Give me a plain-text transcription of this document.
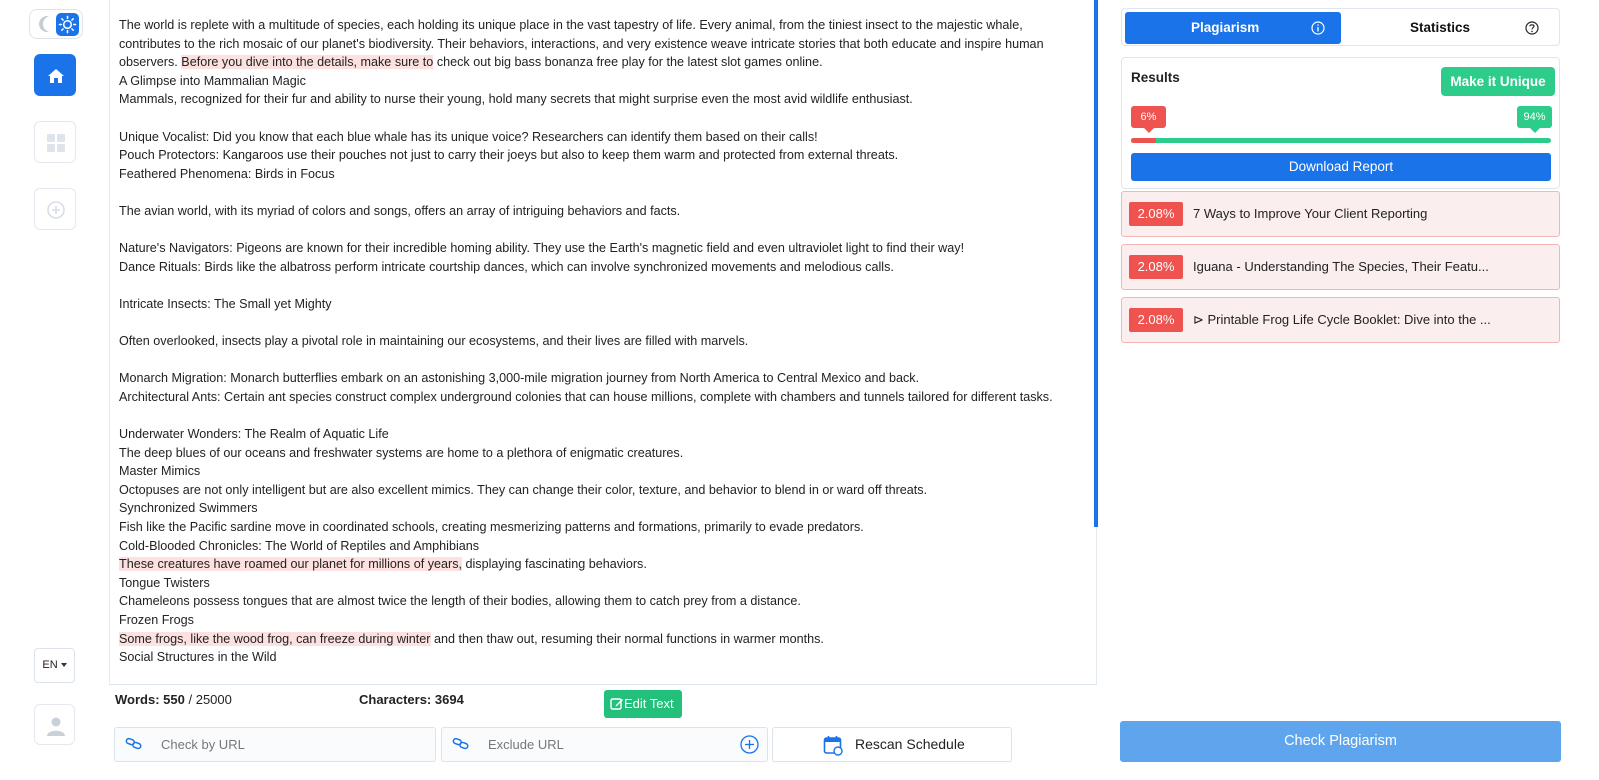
EN

The world is replete with a multitude of species, each holding its unique place in the vast tapestry of life. Every animal, from the tiniest insect to the majestic whale, contributes to the rich mosaic of our planet's biodiversity. Their behaviors, interactions, and very existence weave intricate stories that both educate and inspire human observers. Before you dive into the details, make sure to check out big bass bonanza free play for the latest slot games online.

A Glimpse into Mammalian Magic

Mammals, recognized for their fur and ability to nurse their young, hold many secrets that might surprise even the most avid wildlife enthusiast.

Unique Vocalist: Did you know that each blue whale has its unique voice? Researchers can identify them based on their calls!

Pouch Protectors: Kangaroos use their pouches not just to carry their joeys but also to keep them warm and protected from external threats.

Feathered Phenomena: Birds in Focus

The avian world, with its myriad of colors and songs, offers an array of intriguing behaviors and facts.

Nature's Navigators: Pigeons are known for their incredible homing ability. They use the Earth's magnetic field and even ultraviolet light to find their way!

Dance Rituals: Birds like the albatross perform intricate courtship dances, which can involve synchronized movements and melodious calls.

Intricate Insects: The Small yet Mighty

Often overlooked, insects play a pivotal role in maintaining our ecosystems, and their lives are filled with marvels.

Monarch Migration: Monarch butterflies embark on an astonishing 3,000-mile migration journey from North America to Central Mexico and back.

Architectural Ants: Certain ant species construct complex underground colonies that can house millions, complete with chambers and tunnels tailored for different tasks.

Underwater Wonders: The Realm of Aquatic Life

The deep blues of our oceans and freshwater systems are home to a plethora of enigmatic creatures.

Master Mimics

Octopuses are not only intelligent but are also excellent mimics. They can change their color, texture, and behavior to blend in or ward off threats.

Synchronized Swimmers

Fish like the Pacific sardine move in coordinated schools, creating mesmerizing patterns and formations, primarily to evade predators.

Cold-Blooded Chronicles: The World of Reptiles and Amphibians

These creatures have roamed our planet for millions of years, displaying fascinating behaviors.

Tongue Twisters

Chameleons possess tongues that are almost twice the length of their bodies, allowing them to catch prey from a distance.

Frozen Frogs

Some frogs, like the wood frog, can freeze during winter and then thaw out, resuming their normal functions in warmer months.

Social Structures in the Wild

Words: 550 / 25000	Characters: 3694	Edit Text
Check by URL	Exclude URL	Rescan Schedule
Plagiarism	Statistics
Results	Make it Unique
6%	94%
Download Report
2.08%	7 Ways to Improve Your Client Reporting
2.08%	Iguana - Understanding The Species, Their Featu...
2.08%	⊳ Printable Frog Life Cycle Booklet: Dive into the ...
Check Plagiarism
